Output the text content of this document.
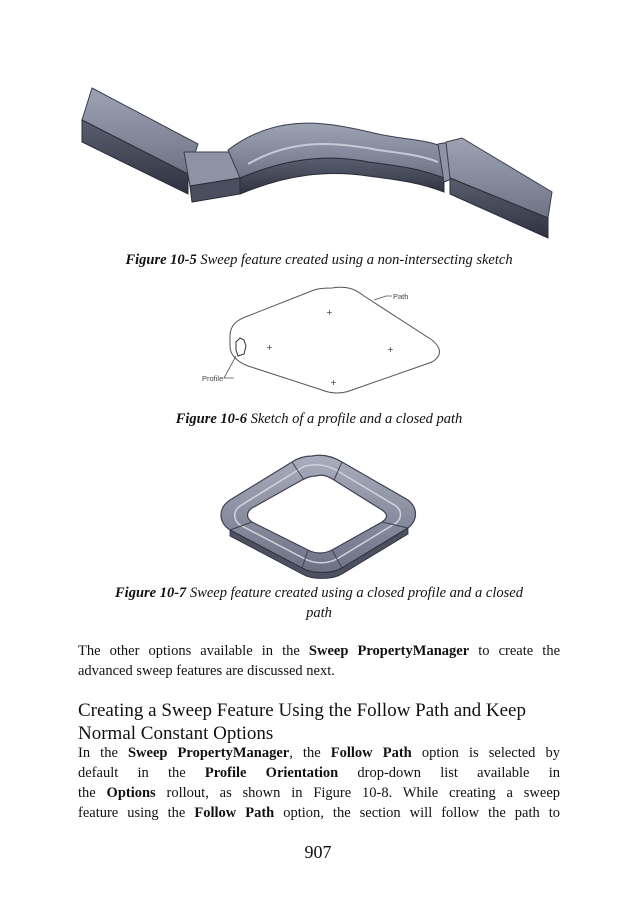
Figure 10-5 Sweep feature created using a non-intersecting sketch
+
+	+
+
Path
Profile
Figure 10-6 Sketch of a profile and a closed path
Figure 10-7 Sweep feature created using a closed profile and a closed
path
The other options available in the Sweep PropertyManager to create the
advanced sweep features are discussed next.
Creating a Sweep Feature Using the Follow Path and Keep
Normal Constant Options
In the Sweep PropertyManager, the Follow Path option is selected by
default in the Profile Orientation drop-down list available in
the Options rollout, as shown in Figure 10-8. While creating a sweep
feature using the Follow Path option, the section will follow the path to
907
